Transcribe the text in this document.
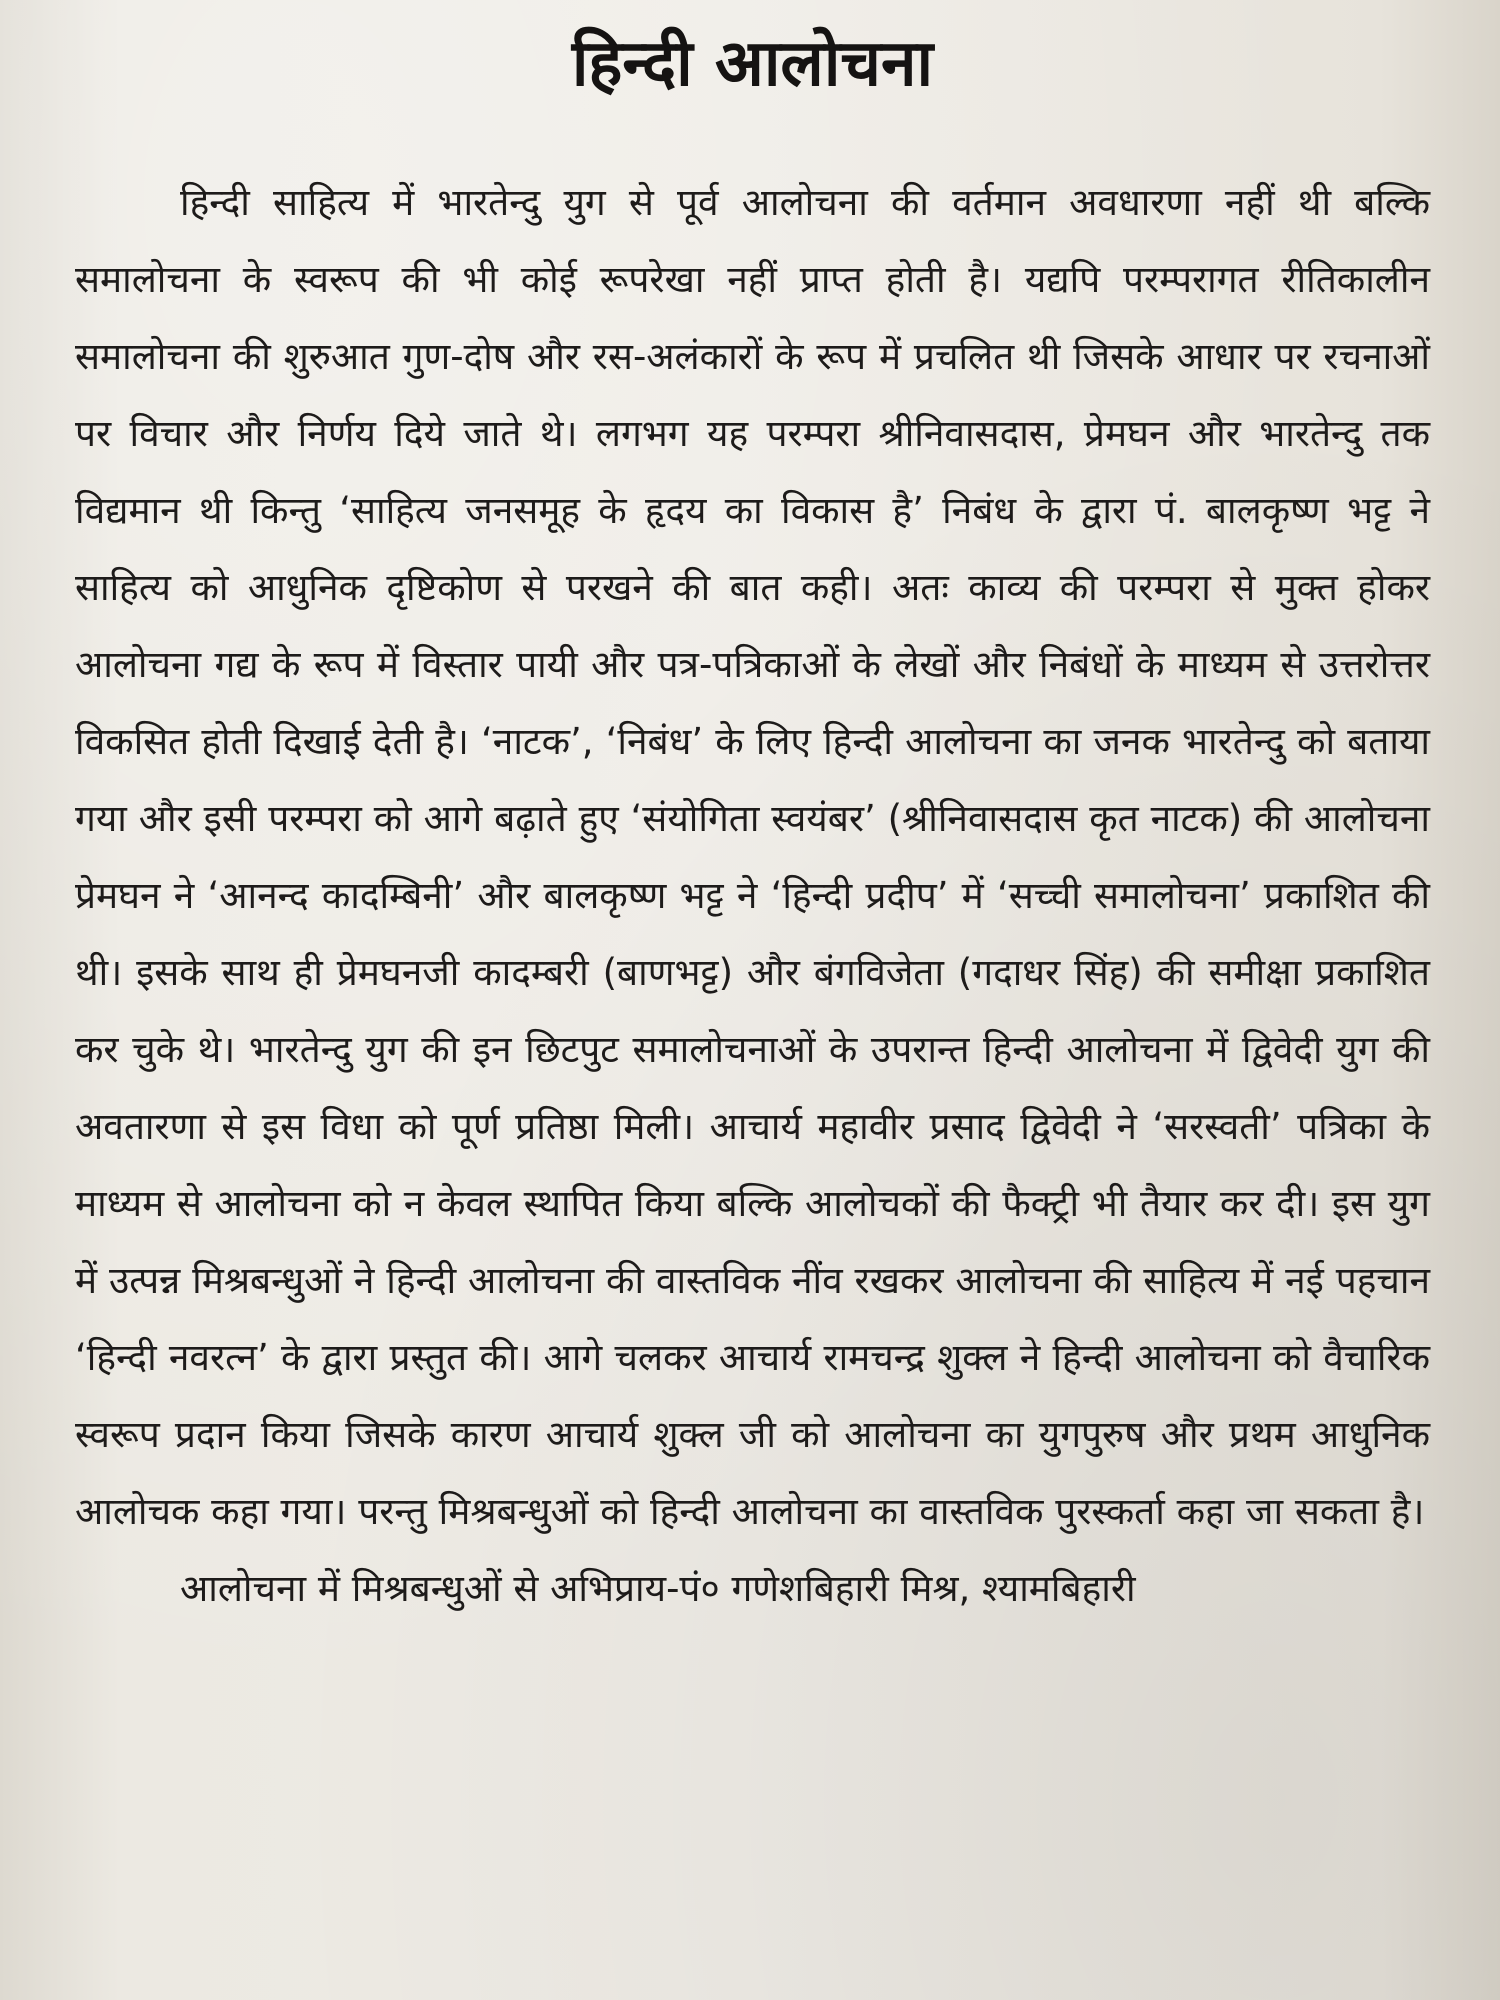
हिन्दी आलोचना

हिन्दी साहित्य में भारतेन्दु युग से पूर्व आलोचना की वर्तमान अवधारणा नहीं थी बल्कि समालोचना के स्वरूप की भी कोई रूपरेखा नहीं प्राप्त होती है। यद्यपि परम्परागत रीतिकालीन समालोचना की शुरुआत गुण-दोष और रस-अलंकारों के रूप में प्रचलित थी जिसके आधार पर रचनाओं पर विचार और निर्णय दिये जाते थे। लगभग यह परम्परा श्रीनिवासदास, प्रेमघन और भारतेन्दु तक विद्यमान थी किन्तु ‘साहित्य जनसमूह के हृदय का विकास है’ निबंध के द्वारा पं. बालकृष्ण भट्ट ने साहित्य को आधुनिक दृष्टिकोण से परखने की बात कही। अतः काव्य की परम्परा से मुक्त होकर आलोचना गद्य के रूप में विस्तार पायी और पत्र-पत्रिकाओं के लेखों और निबंधों के माध्यम से उत्तरोत्तर विकसित होती दिखाई देती है। ‘नाटक’, ‘निबंध’ के लिए हिन्दी आलोचना का जनक भारतेन्दु को बताया गया और इसी परम्परा को आगे बढ़ाते हुए ‘संयोगिता स्वयंबर’ (श्रीनिवासदास कृत नाटक) की आलोचना प्रेमघन ने ‘आनन्द कादम्बिनी’ और बालकृष्ण भट्ट ने ‘हिन्दी प्रदीप’ में ‘सच्ची समालोचना’ प्रकाशित की थी। इसके साथ ही प्रेमघनजी कादम्बरी (बाणभट्ट) और बंगविजेता (गदाधर सिंह) की समीक्षा प्रकाशित कर चुके थे। भारतेन्दु युग की इन छिटपुट समालोचनाओं के उपरान्त हिन्दी आलोचना में द्विवेदी युग की अवतारणा से इस विधा को पूर्ण प्रतिष्ठा मिली। आचार्य महावीर प्रसाद द्विवेदी ने ‘सरस्वती’ पत्रिका के माध्यम से आलोचना को न केवल स्थापित किया बल्कि आलोचकों की फैक्ट्री भी तैयार कर दी। इस युग में उत्पन्न मिश्रबन्धुओं ने हिन्दी आलोचना की वास्तविक नींव रखकर आलोचना की साहित्य में नई पहचान ‘हिन्दी नवरत्न’ के द्वारा प्रस्तुत की। आगे चलकर आचार्य रामचन्द्र शुक्ल ने हिन्दी आलोचना को वैचारिक स्वरूप प्रदान किया जिसके कारण आचार्य शुक्ल जी को आलोचना का युगपुरुष और प्रथम आधुनिक आलोचक कहा गया। परन्तु मिश्रबन्धुओं को हिन्दी आलोचना का वास्तविक पुरस्कर्ता कहा जा सकता है।

आलोचना में मिश्रबन्धुओं से अभिप्राय-पं० गणेशबिहारी मिश्र, श्यामबिहारी
